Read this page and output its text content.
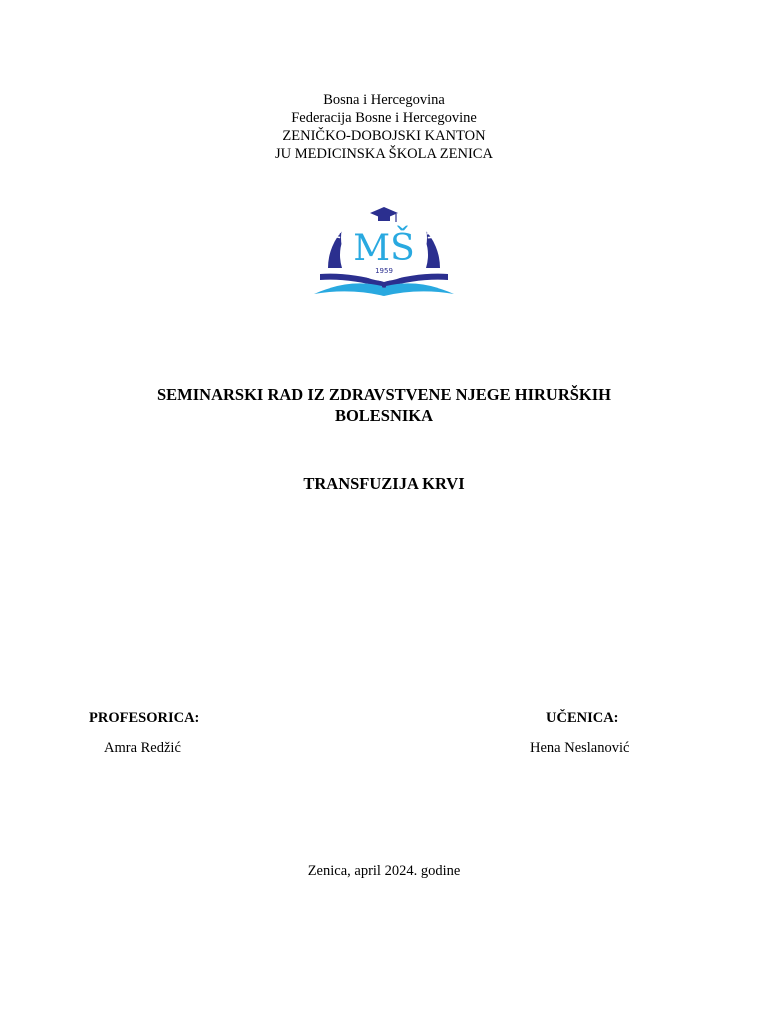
Bosna i Hercegovina
Federacija Bosne i Hercegovine
ZENIČKO-DOBOJSKI KANTON
JU MEDICINSKA ŠKOLA ZENICA
MEDICINSKA ŠKOLA ZENI
MŠ
1959
SEMINARSKI RAD IZ ZDRAVSTVENE NJEGE HIRURŠKIH
BOLESNIKA
TRANSFUZIJA KRVI
PROFESORICA:
Amra Redžić
UČENICA:
Hena Neslanović
Zenica, april 2024. godine
